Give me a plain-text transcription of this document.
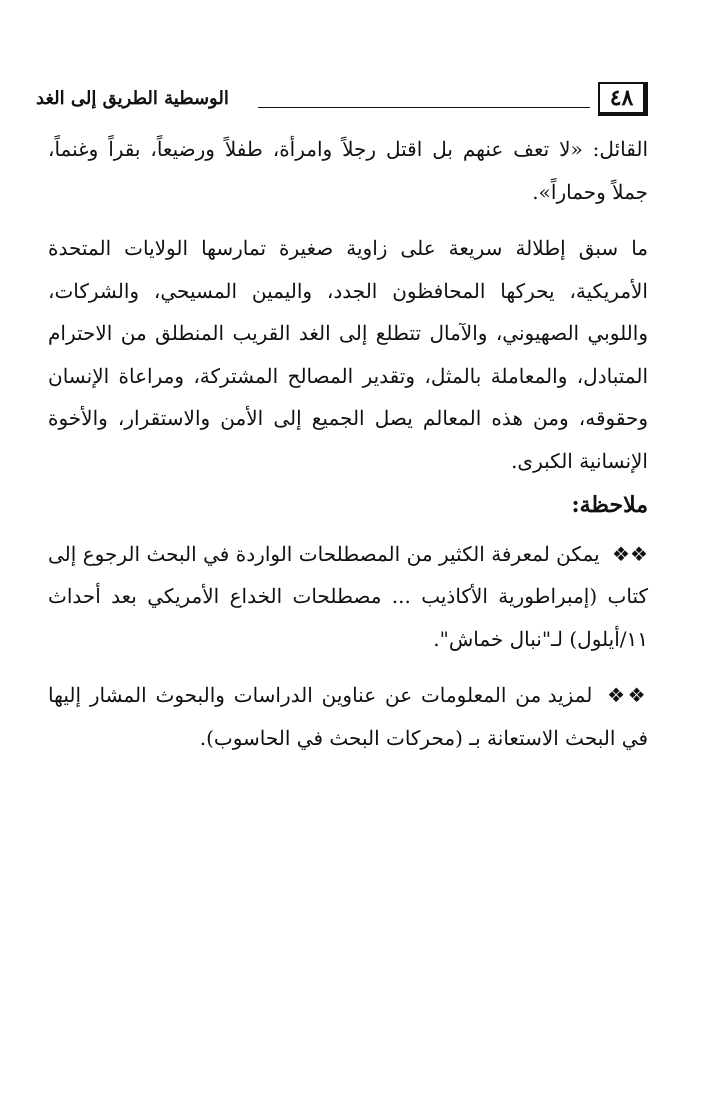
٤٨
الوسطية الطريق إلى الغد

القائل: «لا تعف عنهم بل اقتل رجلاً وامرأة، طفلاً ورضيعاً، بقراً وغنماً، جملاً وحماراً».

ما سبق إطلالة سريعة على زاوية صغيرة تمارسها الولايات المتحدة الأمريكية، يحركها المحافظون الجدد، واليمين المسيحي، والشركات، واللوبي الصهيوني، والآمال تتطلع إلى الغد القريب المنطلق من الاحترام المتبادل، والمعاملة بالمثل، وتقدير المصالح المشتركة، ومراعاة الإنسان وحقوقه، ومن هذه المعالم يصل الجميع إلى الأمن والاستقرار، والأخوة الإنسانية الكبرى.

ملاحظة:

❖❖ يمكن لمعرفة الكثير من المصطلحات الواردة في البحث الرجوع إلى كتاب (إمبراطورية الأكاذيب ... مصطلحات الخداع الأمريكي بعد أحداث ١١/أيلول) لـ"نبال خماش".

❖❖ لمزيد من المعلومات عن عناوين الدراسات والبحوث المشار إليها في البحث الاستعانة بـ (محركات البحث في الحاسوب).
